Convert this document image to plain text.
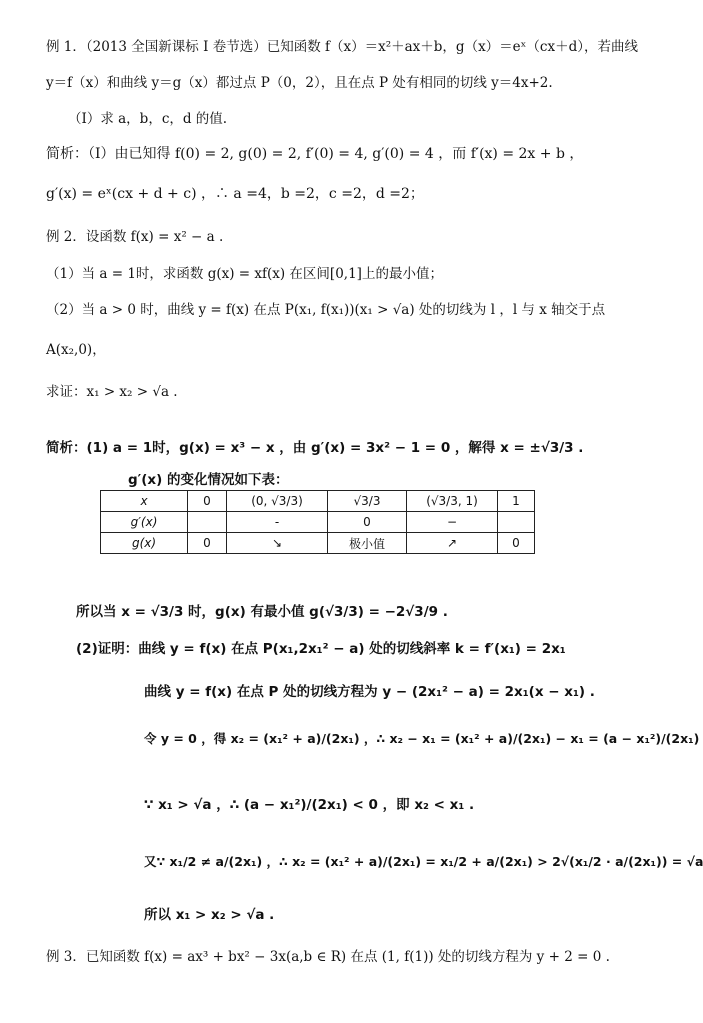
例 1．（2013 全国新课标 I 卷节选）已知函数 f（x）＝x²＋ax＋b，g（x）＝eˣ（cx＋d），若曲线
y＝f（x）和曲线 y＝g（x）都过点 P（0，2），且在点 P 处有相同的切线 y＝4x+2.
（Ⅰ）求 a，b，c，d 的值.
简析：（Ⅰ）由已知得 f(0) = 2, g(0) = 2, f′(0) = 4, g′(0) = 4 ，而 f′(x) = 2x + b ，
g′(x) = eˣ(cx + d + c) ，∴ a =4，b =2，c =2，d =2；
例 2．设函数 f(x) = x² − a .
（1）当 a = 1时，求函数 g(x) = xf(x) 在区间[0,1]上的最小值；
（2）当 a > 0 时，曲线 y = f(x) 在点 P(x₁, f(x₁))(x₁ > √a) 处的切线为 l ，l 与 x 轴交于点
A(x₂,0)，
求证：x₁ > x₂ > √a .
简析：(1) a = 1时，g(x) = x³ − x ，由 g′(x) = 3x² − 1 = 0 ，解得 x = ±√3/3 .
g′(x) 的变化情况如下表：
x	0	(0, √3/3)	√3/3	(√3/3, 1)	1
g′(x)		-	0	−	
g(x)	0	↘	极小值	↗	0
所以当 x = √3/3 时，g(x) 有最小值 g(√3/3) = −2√3/9 .
(2)证明：曲线 y = f(x) 在点 P(x₁,2x₁² − a) 处的切线斜率 k = f′(x₁) = 2x₁
曲线 y = f(x) 在点 P 处的切线方程为 y − (2x₁² − a) = 2x₁(x − x₁) .
令 y = 0 ，得 x₂ = (x₁² + a)/(2x₁) ，∴ x₂ − x₁ = (x₁² + a)/(2x₁) − x₁ = (a − x₁²)/(2x₁)
∵ x₁ > √a ，∴ (a − x₁²)/(2x₁) < 0 ，即 x₂ < x₁ .
又∵ x₁/2 ≠ a/(2x₁) ，∴ x₂ = (x₁² + a)/(2x₁) = x₁/2 + a/(2x₁) > 2√(x₁/2 · a/(2x₁)) = √a
所以 x₁ > x₂ > √a .
例 3．已知函数 f(x) = ax³ + bx² − 3x(a,b ∈ R) 在点 (1, f(1)) 处的切线方程为 y + 2 = 0 .
